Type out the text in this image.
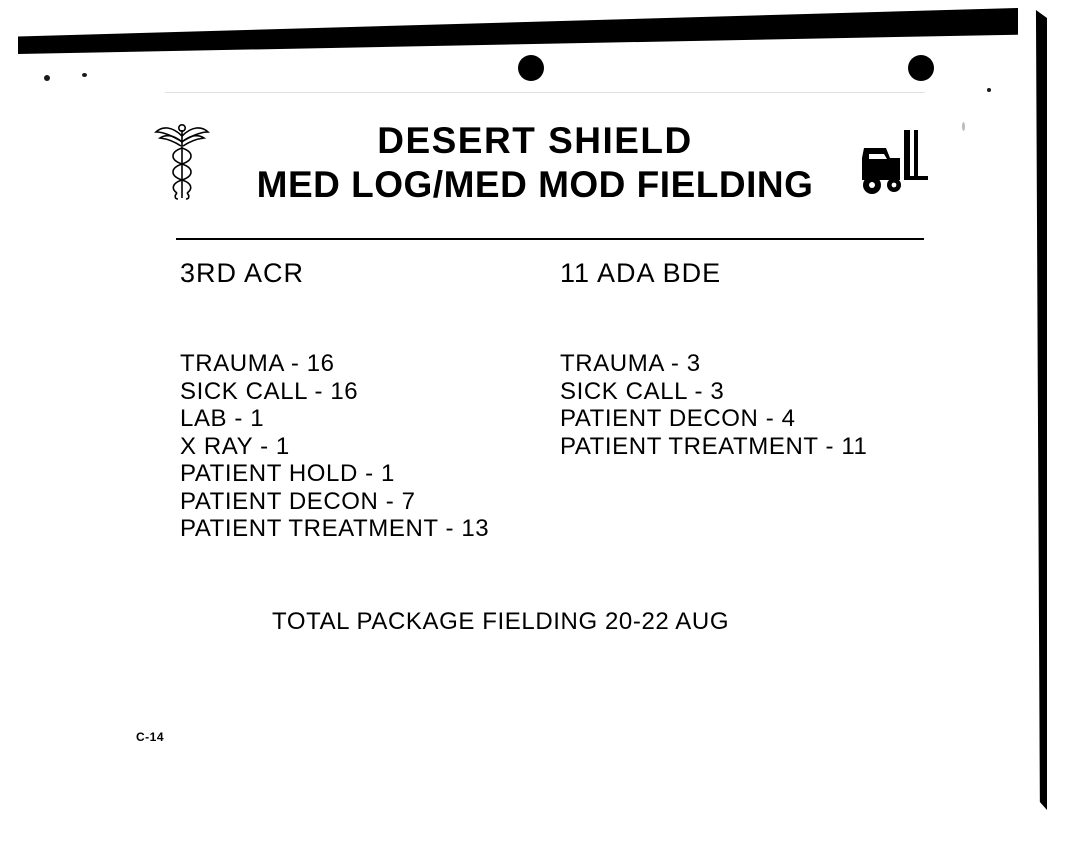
DESERT SHIELD
MED LOG/MED MOD FIELDING
3RD ACR	11 ADA BDE
TRAUMA - 16
SICK CALL - 16
LAB - 1
X RAY - 1
PATIENT HOLD - 1
PATIENT DECON - 7
PATIENT TREATMENT - 13
TRAUMA - 3
SICK CALL - 3
PATIENT DECON - 4
PATIENT TREATMENT - 11
TOTAL PACKAGE FIELDING 20-22 AUG
C-14
